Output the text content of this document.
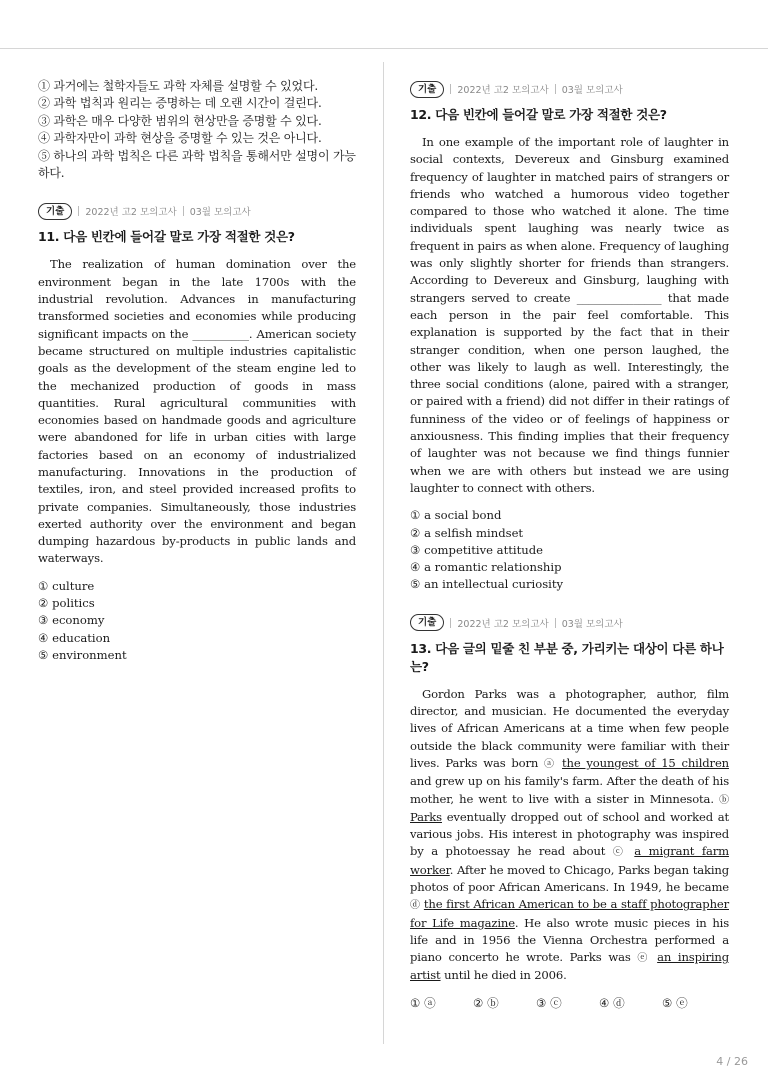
① 과거에는 철학자들도 과학 자체를 설명할 수 있었다.
② 과학 법칙과 원리는 증명하는 데 오랜 시간이 걸린다.
③ 과학은 매우 다양한 범위의 현상만을 증명할 수 있다.
④ 과학자만이 과학 현상을 증명할 수 있는 것은 아니다.
⑤ 하나의 과학 법칙은 다른 과학 법칙을 통해서만 설명이 가능하다.
기출	2022년 고2 모의고사 03월 모의고사
11. 다음 빈칸에 들어갈 말로 가장 적절한 것은?

The realization of human domination over the environment began in the late 1700s with the industrial revolution. Advances in manufacturing transformed societies and economies while producing significant impacts on the __________. American society became structured on multiple industries capitalistic goals as the development of the steam engine led to the mechanized production of goods in mass quantities. Rural agricultural communities with economies based on handmade goods and agriculture were abandoned for life in urban cities with large factories based on an economy of industrialized manufacturing. Innovations in the production of textiles, iron, and steel provided increased profits to private companies. Simultaneously, those industries exerted authority over the environment and began dumping hazardous by-products in public lands and waterways.

① culture
② politics
③ economy
④ education
⑤ environment
기출	2022년 고2 모의고사 03월 모의고사
12. 다음 빈칸에 들어갈 말로 가장 적절한 것은?

In one example of the important role of laughter in social contexts, Devereux and Ginsburg examined frequency of laughter in matched pairs of strangers or friends who watched a humorous video together compared to those who watched it alone. The time individuals spent laughing was nearly twice as frequent in pairs as when alone. Frequency of laughing was only slightly shorter for friends than strangers. According to Devereux and Ginsburg, laughing with strangers served to create _______________ that made each person in the pair feel comfortable. This explanation is supported by the fact that in their stranger condition, when one person laughed, the other was likely to laugh as well. Interestingly, the three social conditions (alone, paired with a stranger, or paired with a friend) did not differ in their ratings of funniness of the video or of feelings of happiness or anxiousness. This finding implies that their frequency of laughter was not because we find things funnier when we are with others but instead we are using laughter to connect with others.

① a social bond
② a selfish mindset
③ competitive attitude
④ a romantic relationship
⑤ an intellectual curiosity
기출	2022년 고2 모의고사 03월 모의고사
13. 다음 글의 밑줄 친 부분 중, 가리키는 대상이 다른 하나는?

Gordon Parks was a photographer, author, film director, and musician. He documented the everyday lives of African Americans at a time when few people outside the black community were familiar with their lives. Parks was born ⓐ the youngest of 15 children and grew up on his family's farm. After the death of his mother, he went to live with a sister in Minnesota. ⓑ Parks eventually dropped out of school and worked at various jobs. His interest in photography was inspired by a photoessay he read about ⓒ a migrant farm worker. After he moved to Chicago, Parks began taking photos of poor African Americans. In 1949, he became ⓓ the first African American to be a staff photographer for Life magazine. He also wrote music pieces in his life and in 1956 the Vienna Orchestra performed a piano concerto he wrote. Parks was ⓔ an inspiring artist until he died in 2006.

① ⓐ	② ⓑ	③ ⓒ	④ ⓓ	⑤ ⓔ
4 / 26
